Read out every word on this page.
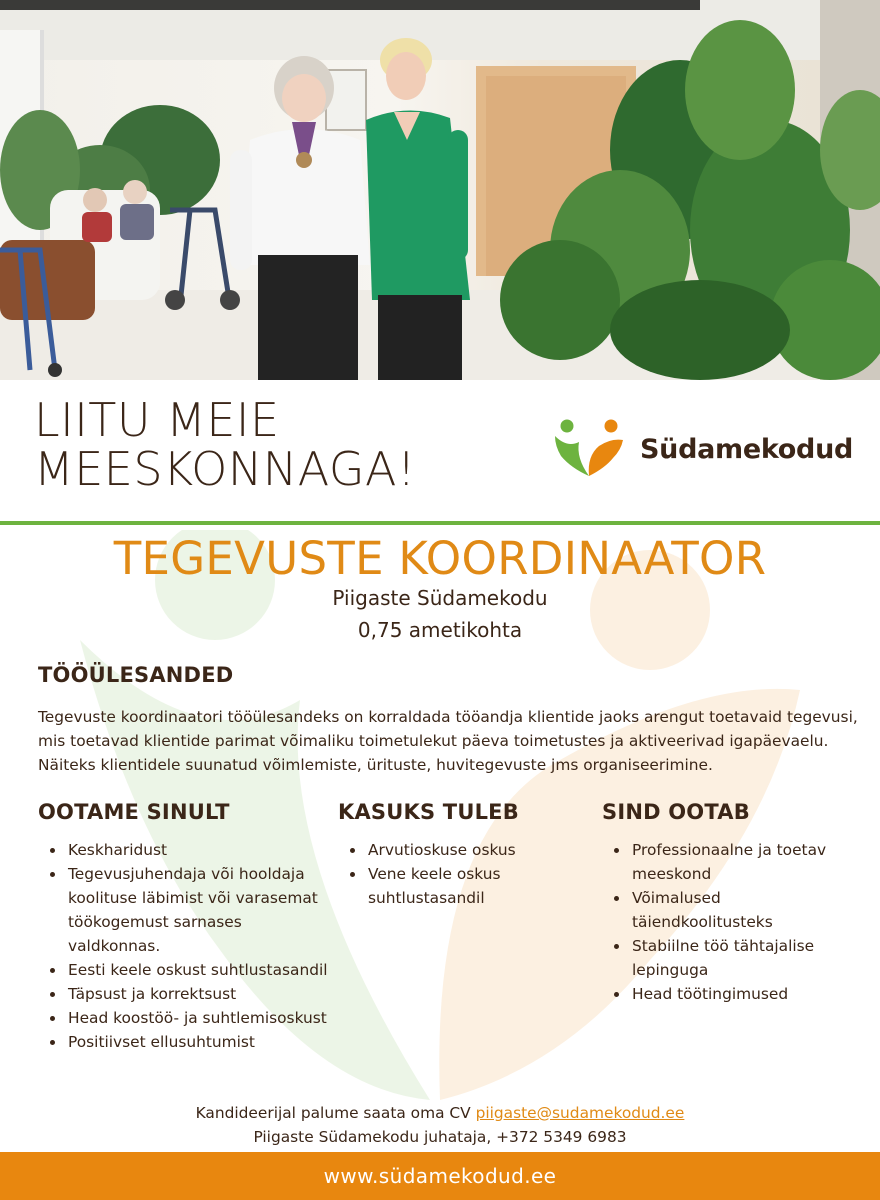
LIITU MEIE
MEESKONNAGA!	Südamekodud
TEGEVUSTE KOORDINAATOR
Piigaste Südamekodu
0,75 ametikohta
TÖÖÜLESANDED

Tegevuste koordinaatori tööülesandeks on korraldada tööandja klientide jaoks arengut toetavaid tegevusi, mis toetavad klientide parimat võimaliku toimetulekut päeva toimetustes ja aktiveerivad igapäevaelu. Näiteks klientidele suunatud võimlemiste, ürituste, huvitegevuste jms organiseerimine.

OOTAME SINULT
• Keskharidust
• Tegevusjuhendaja või hooldaja koolituse läbimist või varasemat töökogemust sarnases valdkonnas.
• Eesti keele oskust suhtlustasandil
• Täpsust ja korrektsust
• Head koostöö- ja suhtlemisoskust
• Positiivset ellusuhtumist
KASUKS TULEB
• Arvutioskuse oskus
• Vene keele oskus suhtlustasandil
SIND OOTAB
• Professionaalne ja toetav meeskond
• Võimalused täiendkoolitusteks
• Stabiilne töö tähtajalise lepinguga
• Head töötingimused
Kandideerijal palume saata oma CV piigaste@sudamekodud.ee
Piigaste Südamekodu juhataja, +372 5349 6983
www.südamekodud.ee
